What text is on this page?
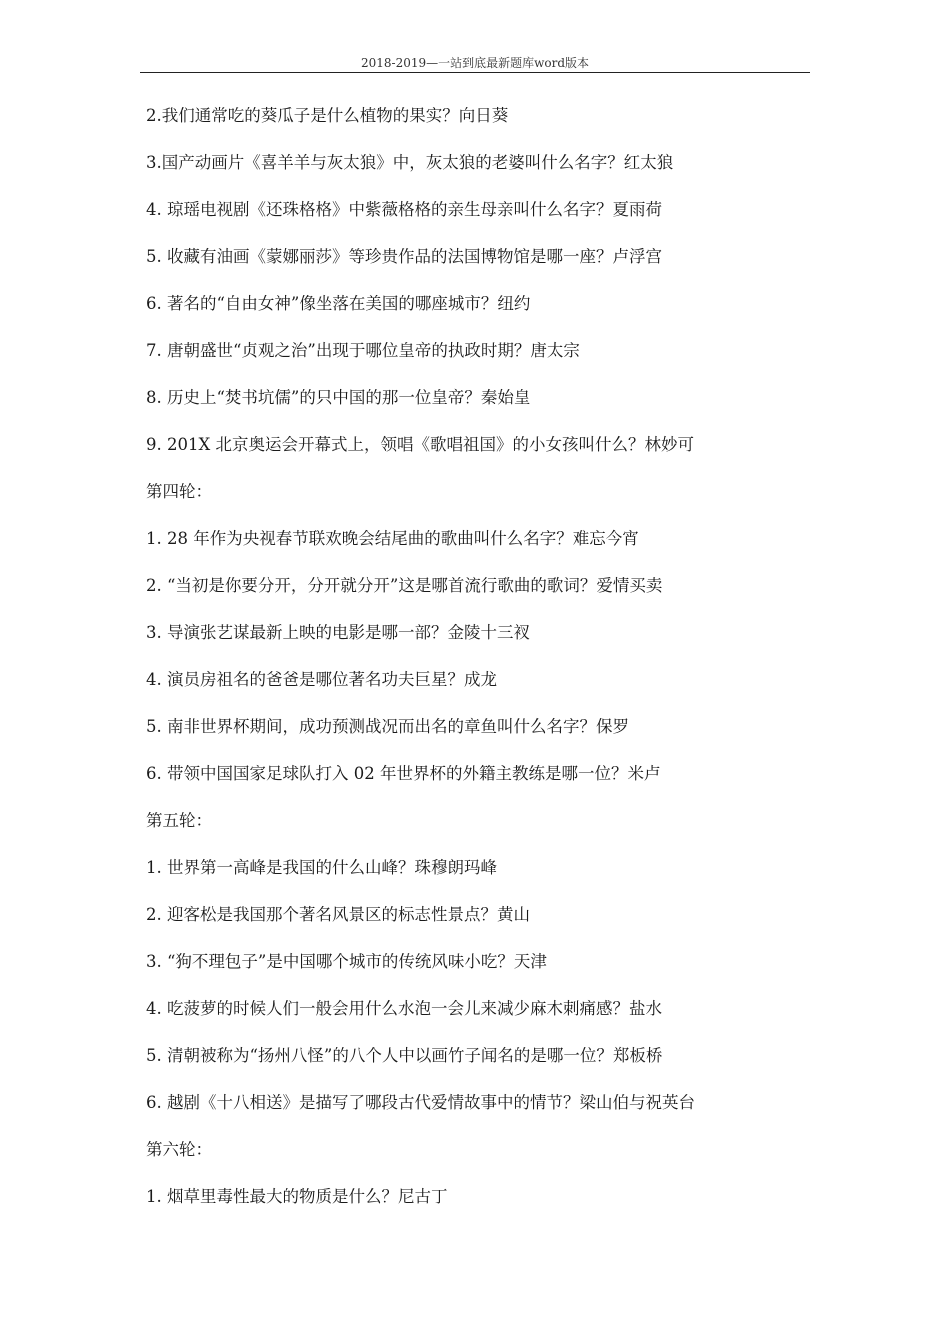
2018-2019—一站到底最新题库word版本
2.我们通常吃的葵瓜子是什么植物的果实？向日葵
3.国产动画片《喜羊羊与灰太狼》中，灰太狼的老婆叫什么名字？红太狼
4. 琼瑶电视剧《还珠格格》中紫薇格格的亲生母亲叫什么名字？夏雨荷
5. 收藏有油画《蒙娜丽莎》等珍贵作品的法国博物馆是哪一座？卢浮宫
6. 著名的“自由女神”像坐落在美国的哪座城市？纽约
7. 唐朝盛世“贞观之治”出现于哪位皇帝的执政时期？唐太宗
8. 历史上“焚书坑儒”的只中国的那一位皇帝？秦始皇
9. 201X 北京奥运会开幕式上，领唱《歌唱祖国》的小女孩叫什么？林妙可
第四轮：
1. 28 年作为央视春节联欢晚会结尾曲的歌曲叫什么名字？难忘今宵
2. “当初是你要分开，分开就分开”这是哪首流行歌曲的歌词？爱情买卖
3. 导演张艺谋最新上映的电影是哪一部？金陵十三衩
4. 演员房祖名的爸爸是哪位著名功夫巨星？成龙
5. 南非世界杯期间，成功预测战况而出名的章鱼叫什么名字？保罗
6. 带领中国国家足球队打入 02 年世界杯的外籍主教练是哪一位？米卢
第五轮：
1. 世界第一高峰是我国的什么山峰？珠穆朗玛峰
2. 迎客松是我国那个著名风景区的标志性景点？黄山
3. “狗不理包子”是中国哪个城市的传统风味小吃？天津
4. 吃菠萝的时候人们一般会用什么水泡一会儿来减少麻木刺痛感？盐水
5. 清朝被称为“扬州八怪”的八个人中以画竹子闻名的是哪一位？郑板桥
6. 越剧《十八相送》是描写了哪段古代爱情故事中的情节？梁山伯与祝英台
第六轮：
1. 烟草里毒性最大的物质是什么？尼古丁
